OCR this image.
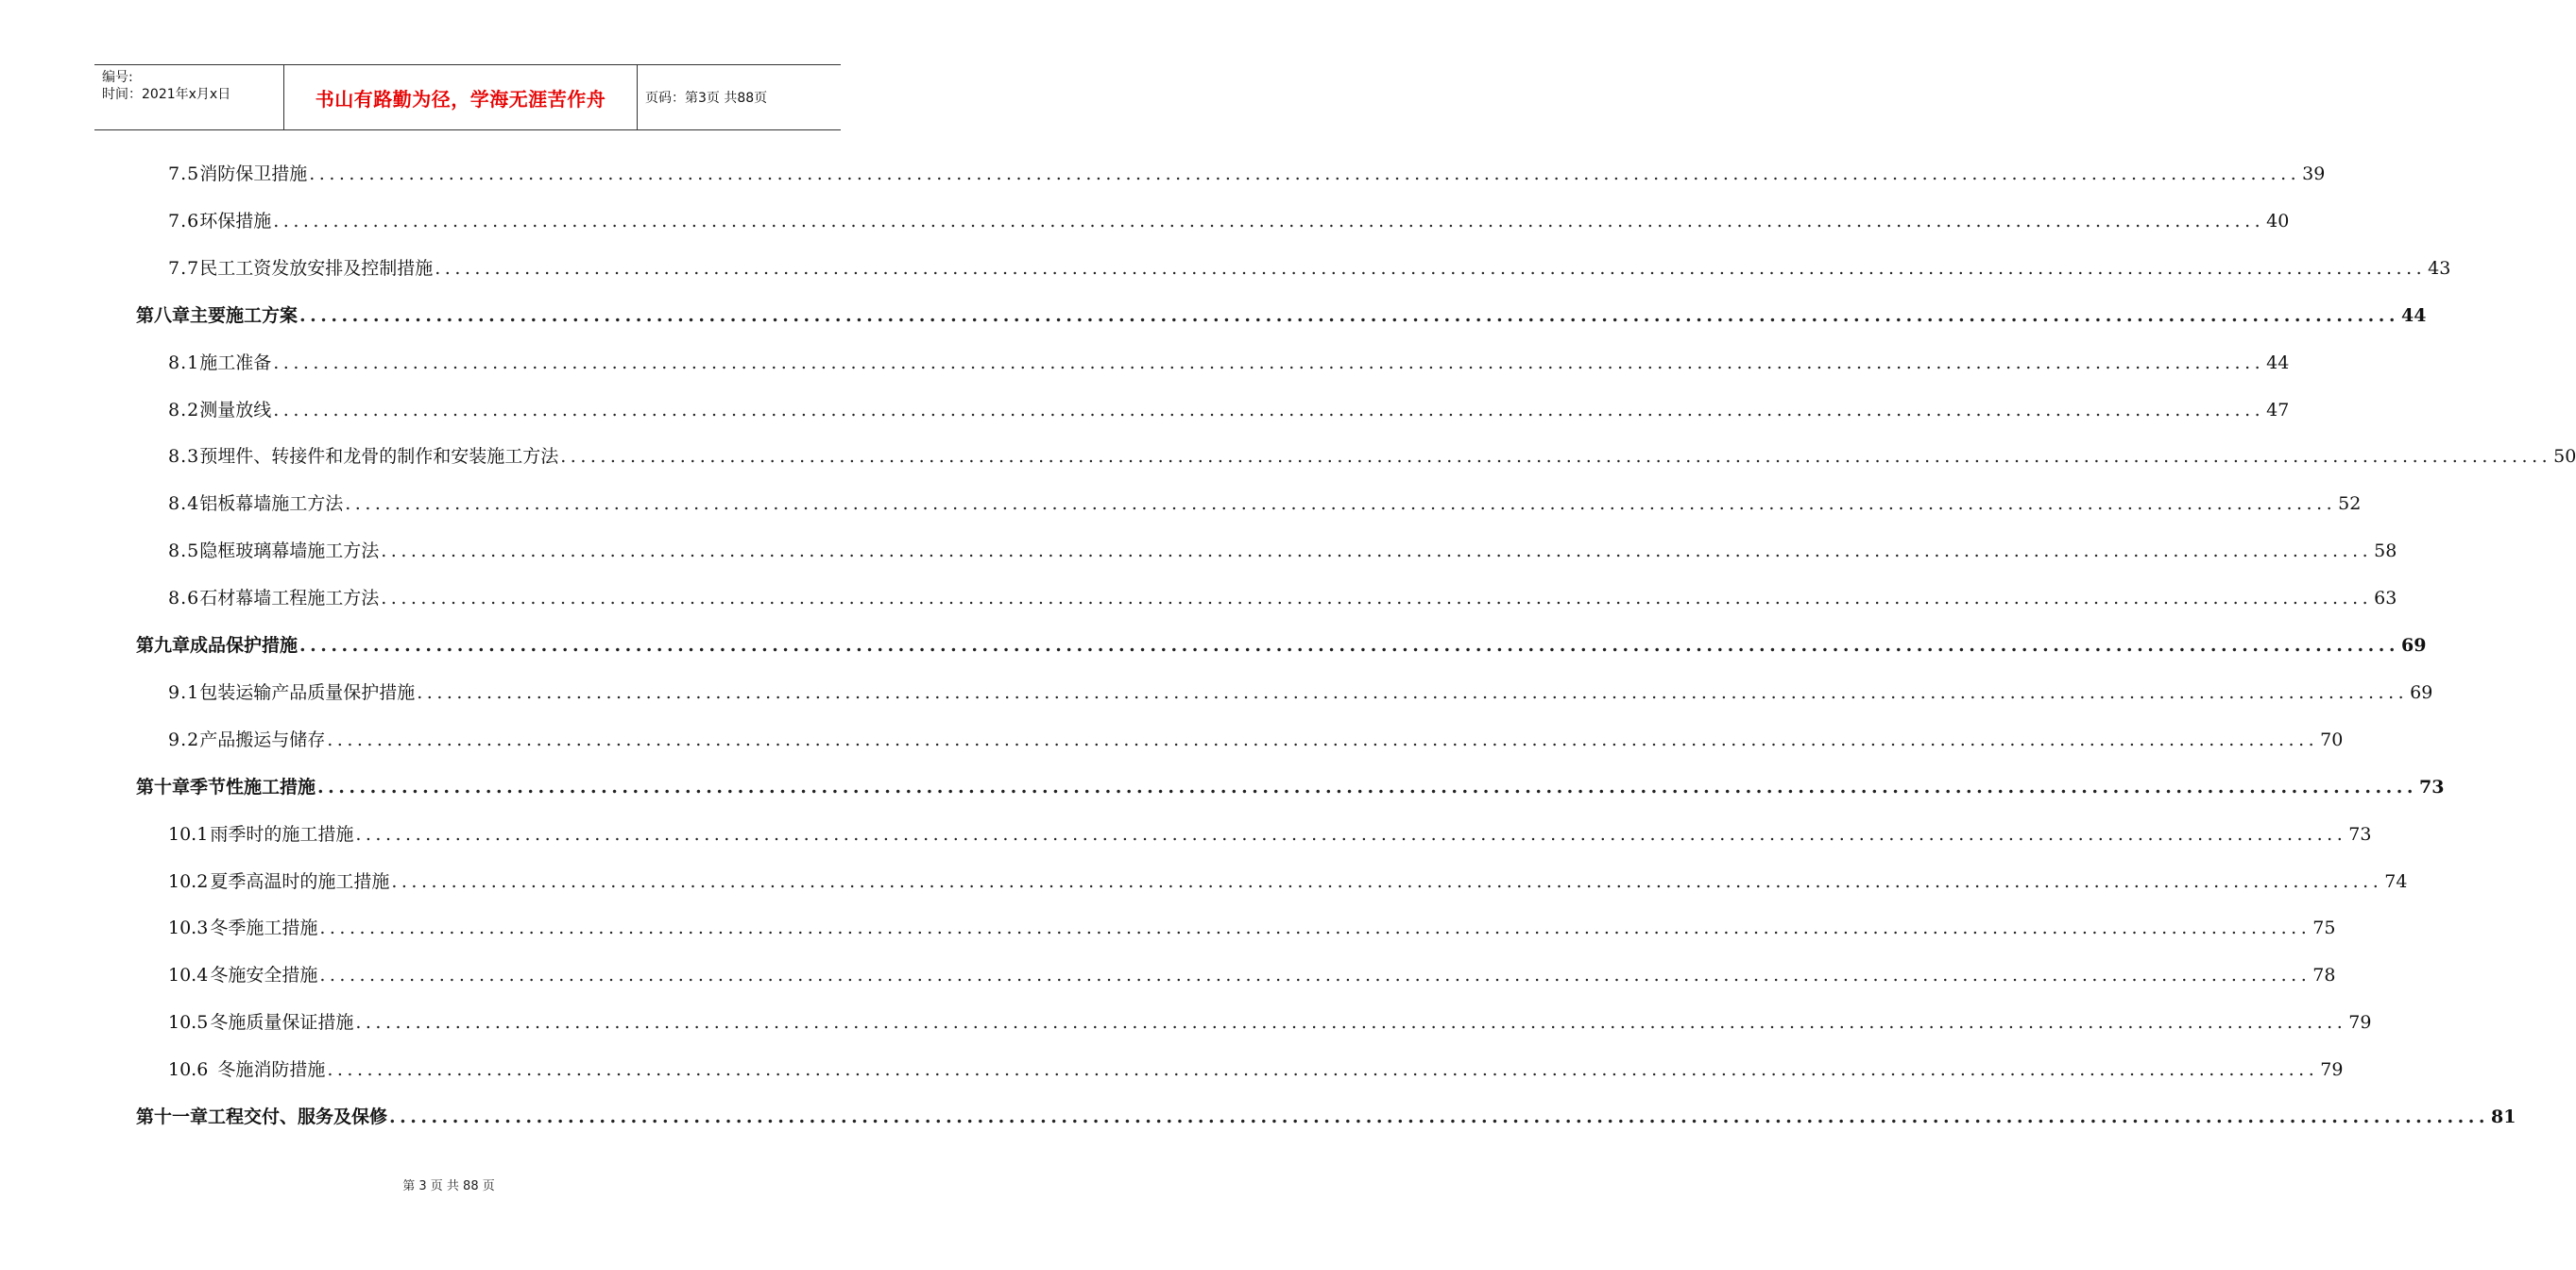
编号:
时间：2021年x月x日	书山有路勤为径，学海无涯苦作舟	页码：第3页 共88页
7.5 消防保卫措施 ........................................................................................................................................................................................................ 39
7.6 环保措施 ........................................................................................................................................................................................................ 40
7.7 民工工资发放安排及控制措施 ........................................................................................................................................................................................................ 43
第八章 主要施工方案 ........................................................................................................................................................................................................ 44
8.1 施工准备 ........................................................................................................................................................................................................ 44
8.2 测量放线 ........................................................................................................................................................................................................ 47
8.3 预埋件、转接件和龙骨的制作和安装施工方法 ........................................................................................................................................................................................................ 50
8.4 铝板幕墙施工方法 ........................................................................................................................................................................................................ 52
8.5 隐框玻璃幕墙施工方法 ........................................................................................................................................................................................................ 58
8.6 石材幕墙工程施工方法 ........................................................................................................................................................................................................ 63
第九章 成品保护措施 ........................................................................................................................................................................................................ 69
9.1 包装运输产品质量保护措施 ........................................................................................................................................................................................................ 69
9.2 产品搬运与储存 ........................................................................................................................................................................................................ 70
第十章 季节性施工措施 ........................................................................................................................................................................................................ 73
10.1 雨季时的施工措施 ........................................................................................................................................................................................................ 73
10.2 夏季高温时的施工措施 ........................................................................................................................................................................................................ 74
10.3 冬季施工措施 ........................................................................................................................................................................................................ 75
10.4 冬施安全措施 ........................................................................................................................................................................................................ 78
10.5 冬施质量保证措施 ........................................................................................................................................................................................................ 79
10.6 冬施消防措施 ........................................................................................................................................................................................................ 79
第十一章 工程交付、服务及保修 ........................................................................................................................................................................................................ 81
第 3 页 共 88 页
